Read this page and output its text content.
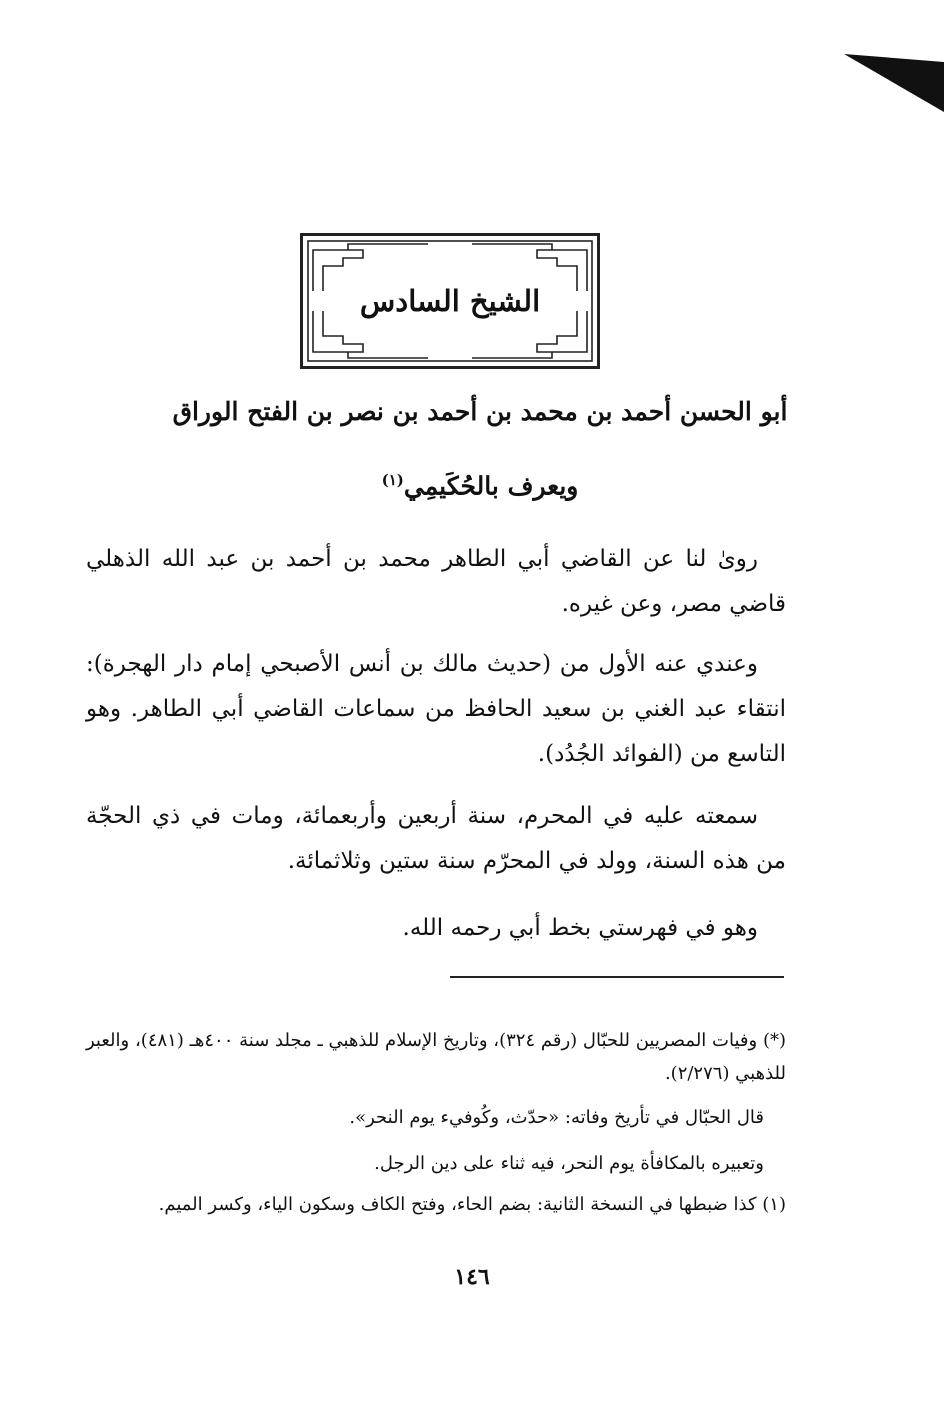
الشيخ السادس
أبو الحسن أحمد بن محمد بن أحمد بن نصر بن الفتح الوراق
ويعرف بالحُكَيمِي$^{(١)}$

روىٰ لنا عن القاضي أبي الطاهر محمد بن أحمد بن عبد الله الذهلي قاضي مصر، وعن غيره.

وعندي عنه الأول من (حديث مالك بن أنس الأصبحي إمام دار الهجرة): انتقاء عبد الغني بن سعيد الحافظ من سماعات القاضي أبي الطاهر. وهو التاسع من (الفوائد الجُدُد).

سمعته عليه في المحرم، سنة أربعين وأربعمائة، ومات في ذي الحجّة من هذه السنة، وولد في المحرّم سنة ستين وثلاثمائة.

وهو في فهرستي بخط أبي رحمه الله.

(*) وفيات المصريين للحبّال (رقم ٣٢٤)، وتاريخ الإسلام للذهبي ـ مجلد سنة ٤٠٠هـ (٤٨١)، والعبر للذهبي (٢/٢٧٦).

قال الحبّال في تأريخ وفاته: «حدّث، وكُوفيء يوم النحر».

وتعبيره بالمكافأة يوم النحر، فيه ثناء على دين الرجل.

(١) كذا ضبطها في النسخة الثانية: بضم الحاء، وفتح الكاف وسكون الياء، وكسر الميم.

١٤٦
